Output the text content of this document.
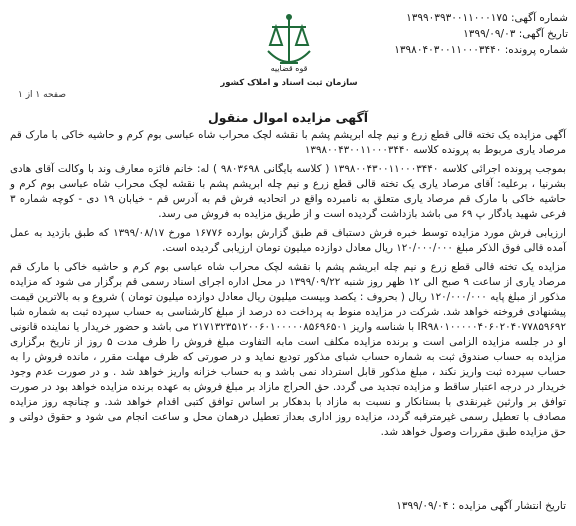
شماره آگهی: ۱۳۹۹۰۳۹۳۰۰۱۱۰۰۰۱۷۵
تاریخ آگهی: ۱۳۹۹/۰۹/۰۳
شماره پرونده: ۱۳۹۸۰۴۰۳۰۰۱۱۰۰۰۳۴۴۰
قوه قضاییه
سازمان ثبت اسناد و املاک کشور
صفحه ۱ از ۱
آگهی مزایده اموال منقول

آگهی مزایده یک تخته قالی قطع زرع و نیم چله ابریشم پشم با نقشه لچک محراب شاه عباسی بوم کرم و حاشیه خاکی با مارک قم مرصاد یاری مربوط به پرونده کلاسه ۱۳۹۸۰۰۴۳۰۰۱۱۰۰۰۳۴۴۰

بموجب پرونده اجرائی کلاسه ۱۳۹۸۰۰۴۳۰۰۱۱۰۰۰۳۴۴۰ ( کلاسه بایگانی ۹۸۰۳۶۹۸ ) له: خانم فائزه معارف وند با وکالت آقای هادی بشرنیا ، برعلیه: آقای مرصاد یاری یک تخته قالی قطع زرع و نیم چله ابریشم پشم با نقشه لچک محراب شاه عباسی بوم کرم و حاشیه خاکی با مارک قم مرصاد یاری متعلق به نامبرده واقع در اتحادیه فرش قم به آدرس قم - خیابان ۱۹ دی - کوچه شماره ۳ فرعی شهید یادگار پ ۶۹ می باشد بازداشت گردیده است و از طریق مزایده به فروش می رسد.

ارزیابی فرش مورد مزایده توسط خبره فرش دستباف قم طبق گزارش بوارده ۱۶۷۷۶ مورخ ۱۳۹۹/۰۸/۱۷ که طبق بازدید به عمل آمده قالی فوق الذکر مبلغ ۱۲۰/۰۰۰/۰۰۰ ریال معادل دوازده میلیون تومان ارزیابی گردیده است.

مزایده یک تخته قالی قطع زرع و نیم چله ابریشم پشم با نقشه لچک محراب شاه عباسی بوم کرم و حاشیه خاکی با مارک قم مرصاد یاری از ساعت ۹ صبح الی ۱۲ ظهر روز شنبه ۱۳۹۹/۰۹/۲۲ در محل اداره اجرای اسناد رسمی قم برگزار می شود که مزایده مذکور از مبلغ پایه ۱۲۰/۰۰۰/۰۰۰ ریال ( بحروف : یکصد وبیست میلیون ریال معادل دوازده میلیون تومان ) شروع و به بالاترین قیمت پیشنهادی فروخته خواهد شد. شرکت در مزایده منوط به پرداخت ده درصد از مبلغ کارشناسی به حساب سپرده ثبت به شماره شبا IR۹۸۰۱۰۰۰۰۰۴۰۶۰۲۰۴۰۷۷۸۵۹۶۹۲ با شناسه واریز ۲۱۷۱۳۲۳۵۱۲۰۰۶۰۱۰۰۰۰۰۸۵۶۹۶۵۰۱ می باشد و حضور خریدار یا نماینده قانونی او در جلسه مزایده الزامی است و برنده مزایده مکلف است مابه التفاوت مبلغ فروش را ظرف مدت ۵ روز از تاریخ برگزاری مزایده به حساب صندوق ثبت به شماره حساب شبای مذکور تودیع نماید و در صورتی که ظرف مهلت مقرر ، مانده فروش را به حساب سپرده ثبت واریز نکند ، مبلغ مذکور قابل استرداد نمی باشد و به حساب خزانه واریز خواهد شد . و در صورت عدم وجود خریدار در درجه اعتبار ساقط و مزایده تجدید می گردد. حق الحراج مازاد بر مبلغ فروش به عهده برنده مزایده خواهد بود در صورت توافق بر وارثین غیرنقدی با بستانکار و نسبت به مازاد با بدهکار بر اساس توافق کتبی اقدام خواهد شد. و چنانچه روز مزایده مصادف با تعطیل رسمی غیرمترقبه گردد، مزایده روز اداری بعداز تعطیل درهمان محل و ساعت انجام می شود و حقوق دولتی و حق مزایده طبق مقررات وصول خواهد شد.

تاریخ انتشار آگهی مزایده : ۱۳۹۹/۰۹/۰۴
